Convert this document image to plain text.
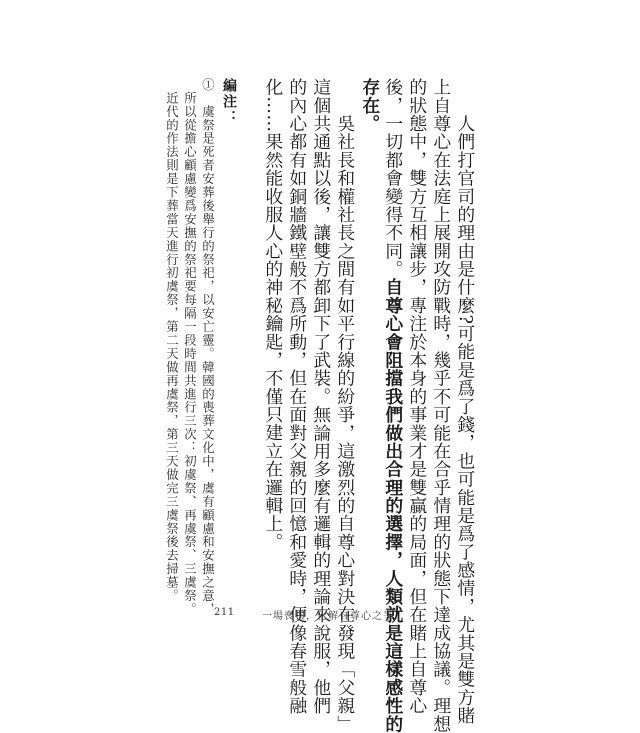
　　人們打官司的理由是什麼?可能是爲了錢，也可能是爲了感情，尤其是雙方賭
上自尊心在法庭上展開攻防戰時，幾乎不可能在合乎情理的狀態下達成協議。理想
的狀態中，雙方互相讓步，專注於本身的事業才是雙贏的局面，但在賭上自尊心
後，一切都會變得不同。自尊心會阻擋我們做出合理的選擇，人類就是這樣感性的
存在。
　　吳社長和權社長之間有如平行線的紛爭，這激烈的自尊心對決在發現「父親」
這個共通點以後，讓雙方都卸下了武裝。無論用多麼有邏輯的理論來說服，他們
的內心都有如銅牆鐵壁般不爲所動，但在面對父親的回憶和愛時，便像春雪般融
化……果然能收服人心的神秘鑰匙，不僅只建立在邏輯上。
編注：
①　虞祭是死者安葬後舉行的祭祀，以安亡靈。韓國的喪葬文化中，虞有顧慮和安撫之意，
　所以從擔心顧慮變爲安撫的祭祀要每隔一段時間共進行三次：初虞祭、再虞祭、三虞祭。
　近代的作法則是下葬當天進行初虞祭，第二天做再虞祭，第三天做完三虞祭後去掃墓。
211	一場喪禮，化解自尊心之爭
